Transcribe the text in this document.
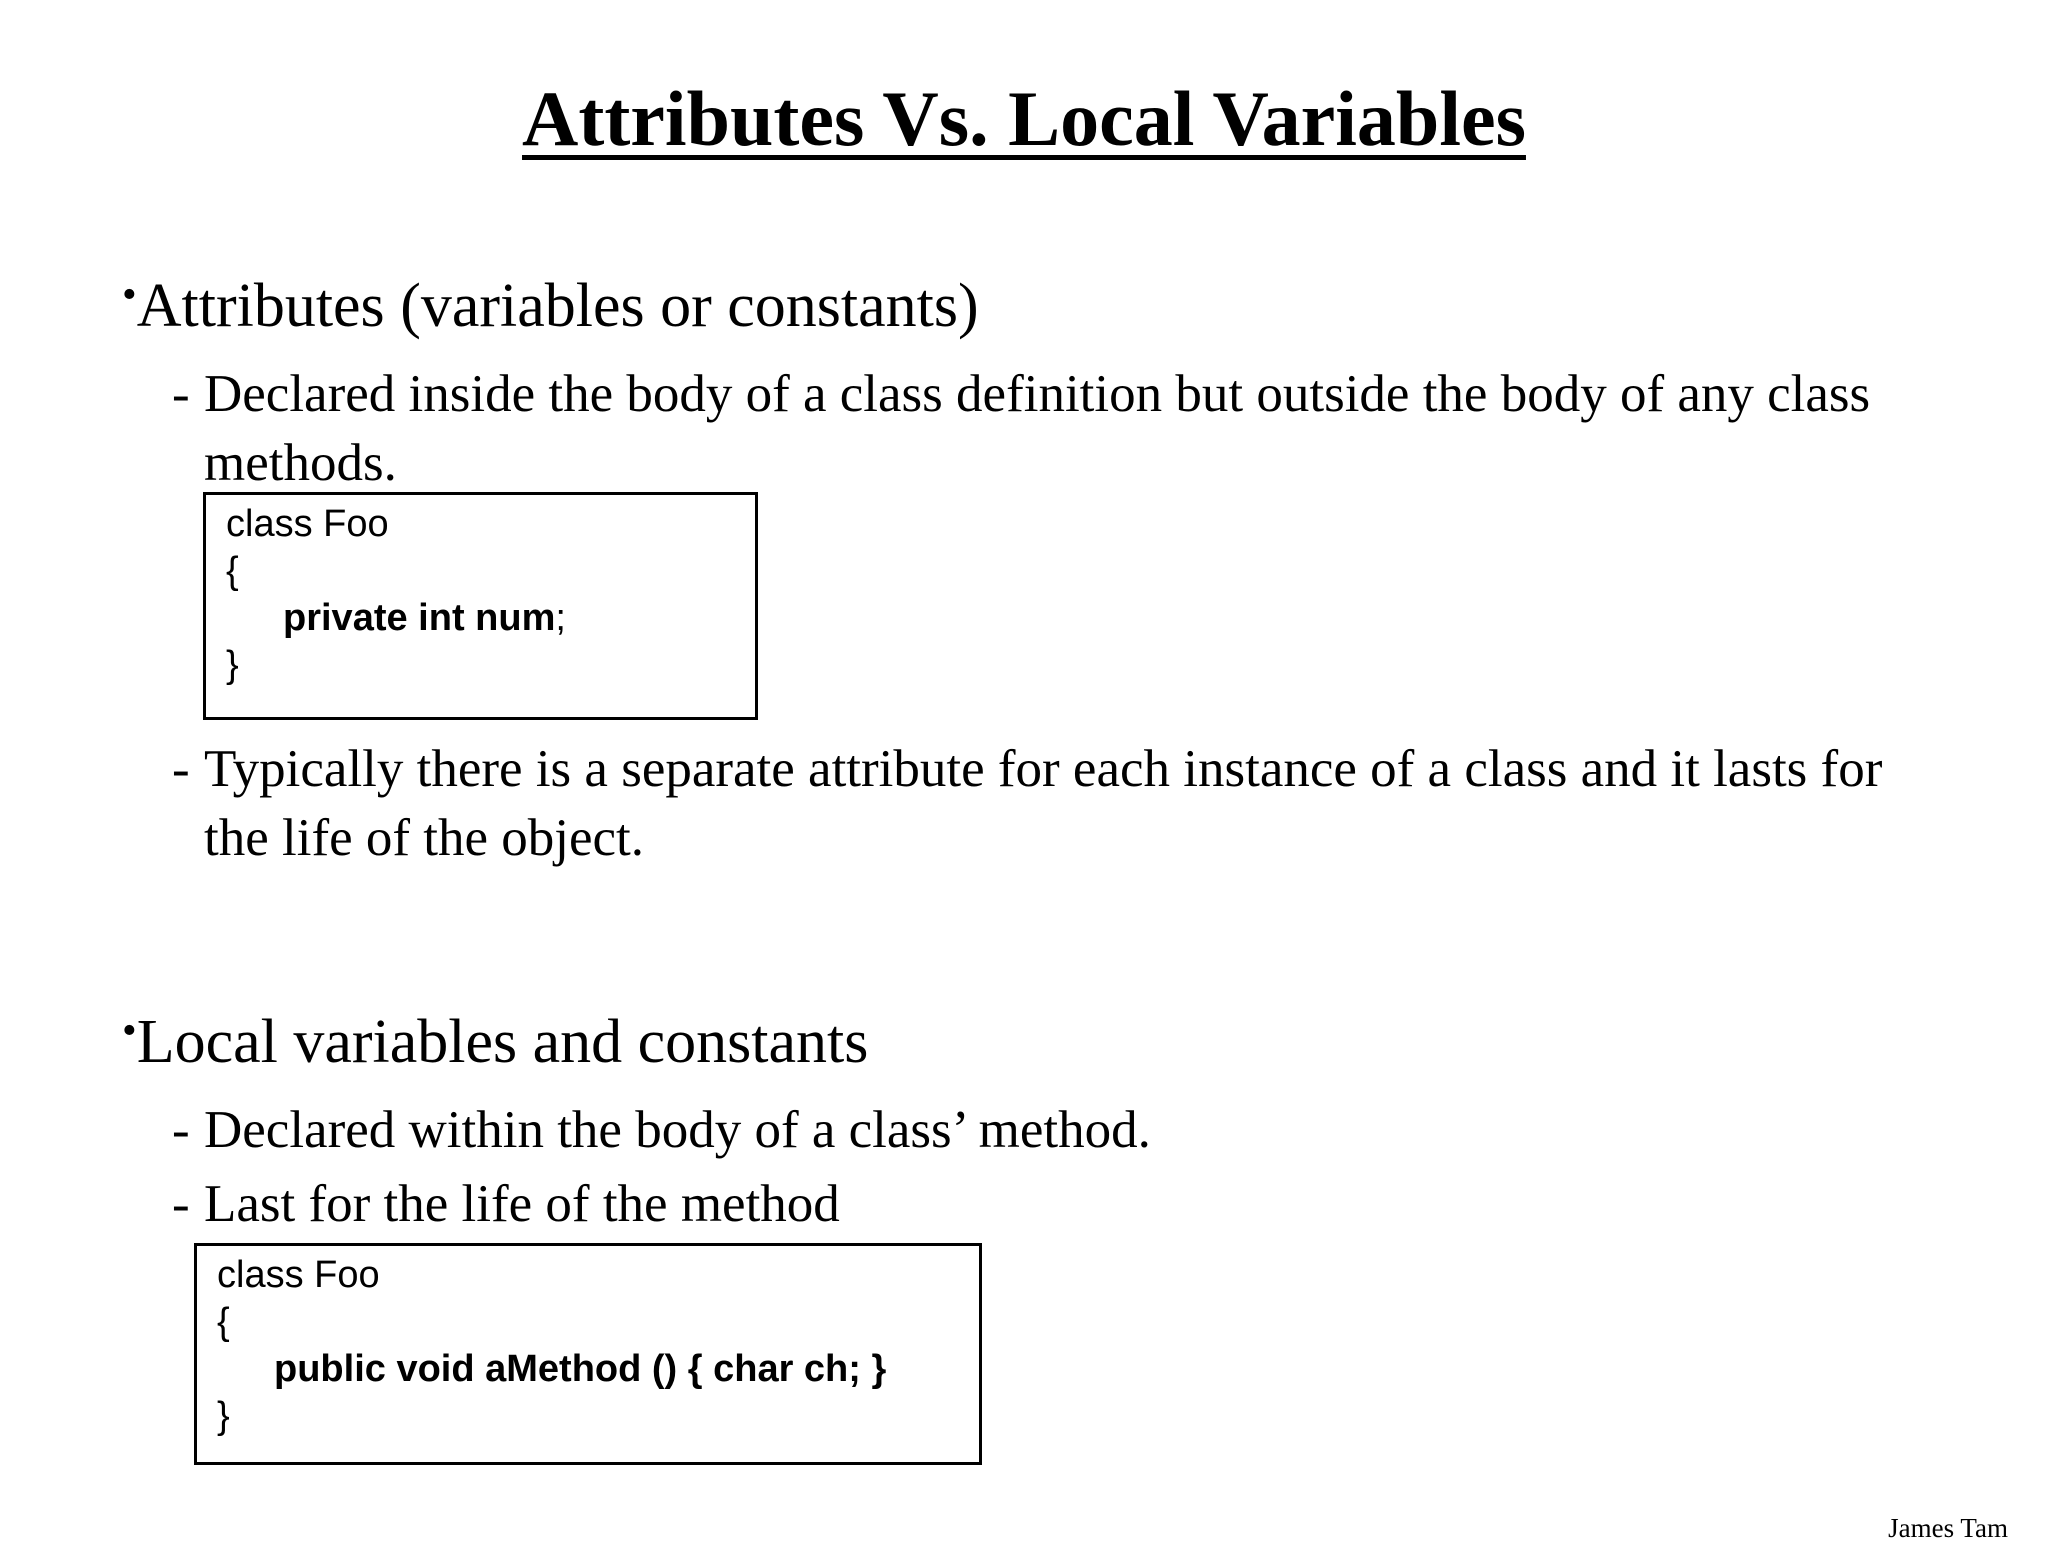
Attributes Vs. Local Variables
•Attributes (variables or constants)
- Declared inside the body of a class definition but outside the body of any class methods.
class Foo
{
private int num;
}
- Typically there is a separate attribute for each instance of a class and it lasts for the life of the object.
•Local variables and constants
- Declared within the body of a class’ method.
- Last for the life of the method
class Foo
{
public void aMethod () { char ch; }
}
James Tam
